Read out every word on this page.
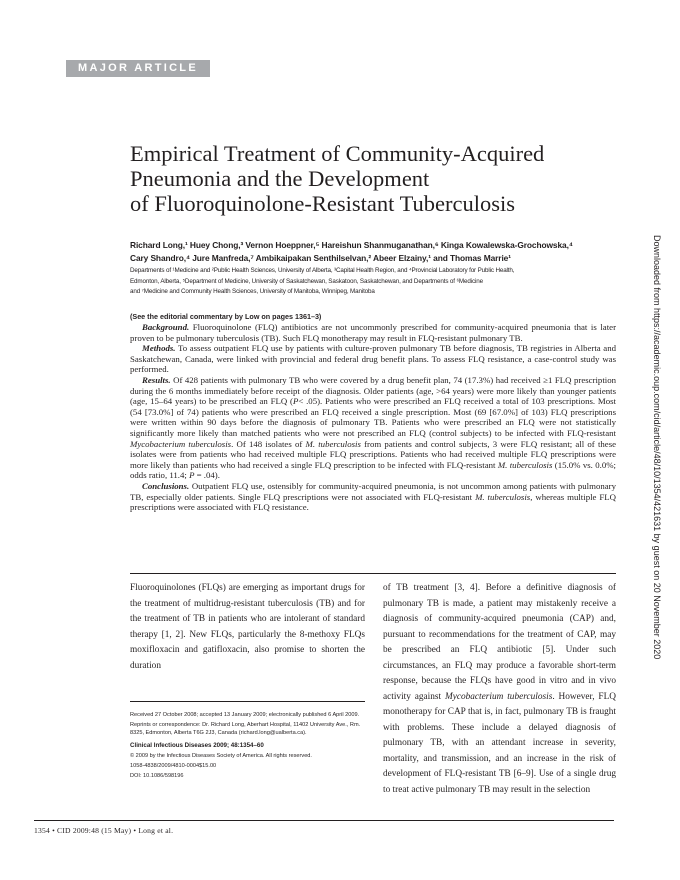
MAJOR ARTICLE
Empirical Treatment of Community-Acquired
Pneumonia and the Development
of Fluoroquinolone-Resistant Tuberculosis
Richard Long,¹ Huey Chong,³ Vernon Hoeppner,⁵ Hareishun Shanmuganathan,⁶ Kinga Kowalewska-Grochowska,⁴
Cary Shandro,⁴ Jure Manfreda,⁷ Ambikaipakan Senthilselvan,² Abeer Elzainy,¹ and Thomas Marrie¹
Departments of ¹Medicine and ²Public Health Sciences, University of Alberta, ³Capital Health Region, and ⁴Provincial Laboratory for Public Health,
Edmonton, Alberta, ⁵Department of Medicine, University of Saskatchewan, Saskatoon, Saskatchewan, and Departments of ⁶Medicine
and ⁷Medicine and Community Health Sciences, University of Manitoba, Winnipeg, Manitoba
(See the editorial commentary by Low on pages 1361–3)

Background. Fluoroquinolone (FLQ) antibiotics are not uncommonly prescribed for community-acquired pneumonia that is later proven to be pulmonary tuberculosis (TB). Such FLQ monotherapy may result in FLQ-resistant pulmonary TB.

Methods. To assess outpatient FLQ use by patients with culture-proven pulmonary TB before diagnosis, TB registries in Alberta and Saskatchewan, Canada, were linked with provincial and federal drug benefit plans. To assess FLQ resistance, a case-control study was performed.

Results. Of 428 patients with pulmonary TB who were covered by a drug benefit plan, 74 (17.3%) had received ≥1 FLQ prescription during the 6 months immediately before receipt of the diagnosis. Older patients (age, >64 years) were more likely than younger patients (age, 15–64 years) to be prescribed an FLQ (P< .05). Patients who were prescribed an FLQ received a total of 103 prescriptions. Most (54 [73.0%] of 74) patients who were prescribed an FLQ received a single prescription. Most (69 [67.0%] of 103) FLQ prescriptions were written within 90 days before the diagnosis of pulmonary TB. Patients who were prescribed an FLQ were not statistically significantly more likely than matched patients who were not prescribed an FLQ (control subjects) to be infected with FLQ-resistant Mycobacterium tuberculosis. Of 148 isolates of M. tuberculosis from patients and control subjects, 3 were FLQ resistant; all of these isolates were from patients who had received multiple FLQ prescriptions. Patients who had received multiple FLQ prescriptions were more likely than patients who had received a single FLQ prescription to be infected with FLQ-resistant M. tuberculosis (15.0% vs. 0.0%; odds ratio, 11.4; P = .04).

Conclusions. Outpatient FLQ use, ostensibly for community-acquired pneumonia, is not uncommon among patients with pulmonary TB, especially older patients. Single FLQ prescriptions were not associated with FLQ-resistant M. tuberculosis, whereas multiple FLQ prescriptions were associated with FLQ resistance.

Fluoroquinolones (FLQs) are emerging as important drugs for the treatment of multidrug-resistant tuberculosis (TB) and for the treatment of TB in patients who are intolerant of standard therapy [1, 2]. New FLQs, particularly the 8-methoxy FLQs moxifloxacin and gatifloxacin, also promise to shorten the duration

Received 27 October 2008; accepted 13 January 2009; electronically published 6 April 2009.

Reprints or correspondence: Dr. Richard Long, Aberhart Hospital, 11402 University Ave., Rm. 8325, Edmonton, Alberta T6G 2J3, Canada (richard.long@ualberta.ca).

Clinical Infectious Diseases 2009; 48:1354–60

© 2009 by the Infectious Diseases Society of America. All rights reserved.

1058-4838/2009/4810-0004$15.00

DOI: 10.1086/598196

of TB treatment [3, 4]. Before a definitive diagnosis of pulmonary TB is made, a patient may mistakenly receive a diagnosis of community-acquired pneumonia (CAP) and, pursuant to recommendations for the treatment of CAP, may be prescribed an FLQ antibiotic [5]. Under such circumstances, an FLQ may produce a favorable short-term response, because the FLQs have good in vitro and in vivo activity against Mycobacterium tuberculosis. However, FLQ monotherapy for CAP that is, in fact, pulmonary TB is fraught with problems. These include a delayed diagnosis of pulmonary TB, with an attendant increase in severity, mortality, and transmission, and an increase in the risk of development of FLQ-resistant TB [6–9]. Use of a single drug to treat active pulmonary TB may result in the selection

1354 • CID 2009:48 (15 May) • Long et al.
Downloaded from https://academic.oup.com/cid/article/48/10/1354/421631 by guest on 20 November 2020
